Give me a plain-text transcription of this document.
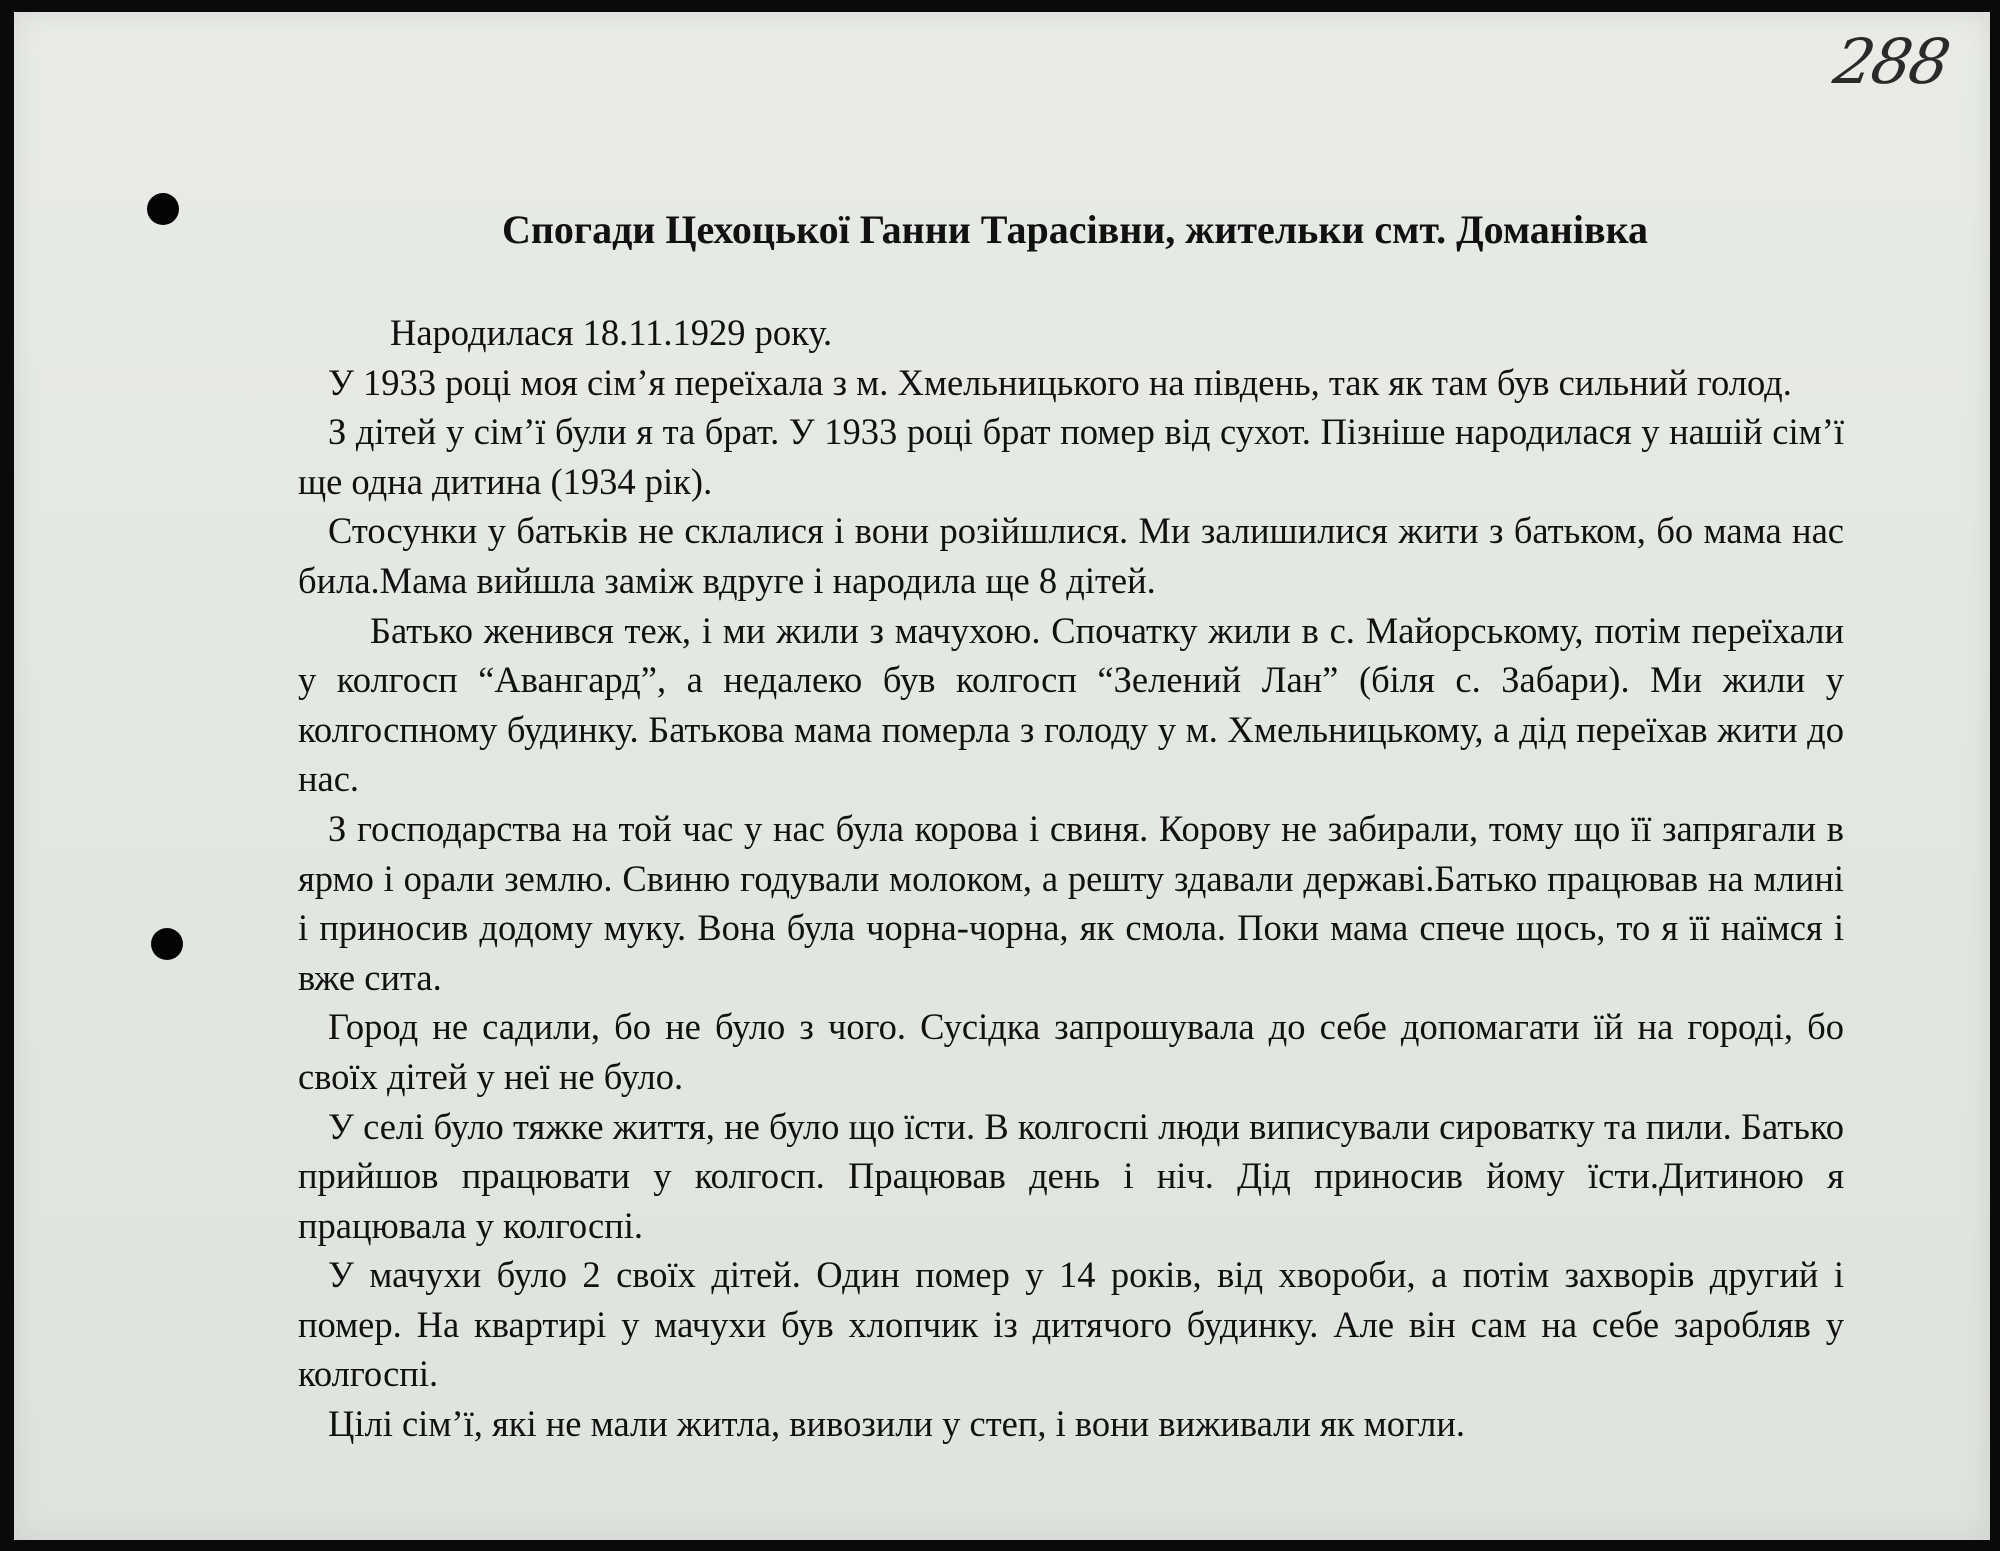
288
Спогади Цехоцької Ганни Тарасівни, жительки смт. Доманівка

Народилася 18.11.1929 року.

У 1933 році моя сім’я переїхала з м. Хмельницького на південь, так як там був сильний голод.

З дітей у сім’ї були я та брат. У 1933 році брат помер від сухот. Пізніше народилася у нашій сім’ї ще одна дитина (1934 рік).

Стосунки у батьків не склалися і вони розійшлися. Ми залишилися жити з батьком, бо мама нас била.Мама вийшла заміж вдруге і народила ще 8 дітей.

Батько женився теж, і ми жили з мачухою. Спочатку жили в с. Майорському, потім переїхали у колгосп “Авангард”, а недалеко був колгосп “Зелений Лан” (біля с. Забари). Ми жили у колгоспному будинку. Батькова мама померла з голоду у м. Хмельницькому, а дід переїхав жити до нас.

З господарства на той час у нас була корова і свиня. Корову не забирали, тому що її запрягали в ярмо і орали землю. Свиню годували молоком, а решту здавали державі.Батько працював на млині і приносив додому муку. Вона була чорна-чорна, як смола. Поки мама спече щось, то я її наїмся і вже сита.

Город не садили, бо не було з чого. Сусідка запрошувала до себе допомагати їй на городі, бо своїх дітей у неї не було.

У селі було тяжке життя, не було що їсти. В колгоспі люди виписували сироватку та пили. Батько прийшов працювати у колгосп. Працював день і ніч. Дід приносив йому їсти.Дитиною я працювала у колгоспі.

У мачухи було 2 своїх дітей. Один помер у 14 років, від хвороби, а потім захворів другий і помер. На квартирі у мачухи був хлопчик із дитячого будинку. Але він сам на себе заробляв у колгоспі.

Цілі сім’ї, які не мали житла, вивозили у степ, і вони виживали як могли.
